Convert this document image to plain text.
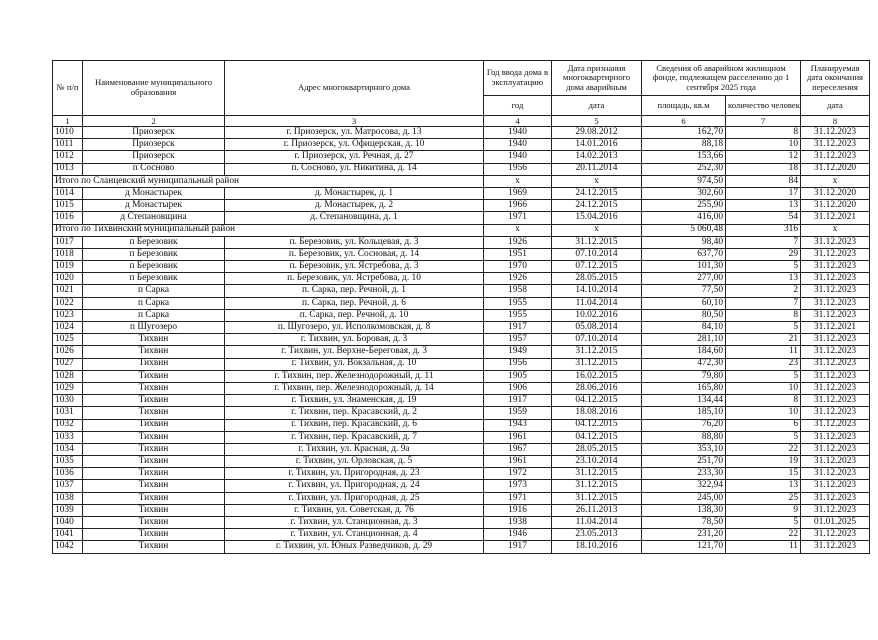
№ п/п	Наименование муниципального образования	Адрес многоквартирного дома	Год ввода дома в эксплуатацию	Дата признания многоквартирного дома аварийным	Сведения об аварийном жилищном фонде, подлежащем расселению до 1 сентября 2025 года		Планируемая дата окончания переселения
			год	дата	площадь, кв.м	количество человек	дата
1	2	3	4	5	6	7	8
1010	Приозерск	г. Приозерск, ул. Матросова, д. 13	1940	29.08.2012	162,70	8	31.12.2023
1011	Приозерск	г. Приозерск, ул. Офицерская, д. 10	1940	14.01.2016	88,18	10	31.12.2023
1012	Приозерск	г. Приозерск, ул. Речная, д. 27	1940	14.02.2013	153,66	12	31.12.2023
1013	п Сосново	п. Сосново, ул. Никитина, д. 14	1956	20.11.2014	252,30	18	31.12.2020
Итого по Сланцевский муниципальный район			x	x	974,50	84	x
1014	д Монастырек	д. Монастырек, д. 1	1969	24.12.2015	302,60	17	31.12.2020
1015	д Монастырек	д. Монастырек, д. 2	1966	24.12.2015	255,90	13	31.12.2020
1016	д Степановщина	д. Степановщина, д. 1	1971	15.04.2016	416,00	54	31.12.2021
Итого по Тихвинский муниципальный район			x	x	5 060,48	316	x
1017	п Березовик	п. Березовик, ул. Кольцевая, д. 3	1926	31.12.2015	98,40	7	31.12.2023
1018	п Березовик	п. Березовик, ул. Сосновая, д. 14	1951	07.10.2014	637,70	29	31.12.2023
1019	п Березовик	п. Березовик, ул. Ястребова, д. 3	1970	07.12.2015	101,30	5	31.12.2023
1020	п Березовик	п. Березовик, ул. Ястребова, д. 10	1926	28.05.2015	277,00	13	31.12.2023
1021	п Сарка	п. Сарка, пер. Речной, д. 1	1958	14.10.2014	77,50	2	31.12.2023
1022	п Сарка	п. Сарка, пер. Речной, д. 6	1955	11.04.2014	60,10	7	31.12.2023
1023	п Сарка	п. Сарка, пер. Речной, д. 10	1955	10.02.2016	80,50	8	31.12.2023
1024	п Шугозеро	п. Шугозеро, ул. Исполкомовская, д. 8	1917	05.08.2014	84,10	5	31.12.2021
1025	Тихвин	г. Тихвин, ул. Боровая, д. 3	1957	07.10.2014	281,10	21	31.12.2023
1026	Тихвин	г. Тихвин, ул. Верхне-Береговая, д. 3	1949	31.12.2015	184,60	11	31.12.2023
1027	Тихвин	г. Тихвин, ул. Вокзальная, д. 10	1956	31.12.2015	472,30	23	31.12.2023
1028	Тихвин	г. Тихвин, пер. Железнодорожный, д. 11	1905	16.02.2015	79,80	5	31.12.2023
1029	Тихвин	г. Тихвин, пер. Железнодорожный, д. 14	1906	28.06.2016	165,80	10	31.12.2023
1030	Тихвин	г. Тихвин, ул. Знаменская, д. 19	1917	04.12.2015	134,44	8	31.12.2023
1031	Тихвин	г. Тихвин, пер. Красавский, д. 2	1959	18.08.2016	185,10	10	31.12.2023
1032	Тихвин	г. Тихвин, пер. Красавский, д. 6	1943	04.12.2015	76,20	6	31.12.2023
1033	Тихвин	г. Тихвин, пер. Красавский, д. 7	1961	04.12.2015	88,80	5	31.12.2023
1034	Тихвин	г. Тихвин, ул. Красная, д. 9а	1967	28.05.2015	353,10	22	31.12.2023
1035	Тихвин	г. Тихвин, ул. Орловская, д. 5	1961	23.10.2014	251,70	19	31.12.2023
1036	Тихвин	г. Тихвин, ул. Пригородная, д. 23	1972	31.12.2015	233,30	15	31.12.2023
1037	Тихвин	г. Тихвин, ул. Пригородная, д. 24	1973	31.12.2015	322,94	13	31.12.2023
1038	Тихвин	г. Тихвин, ул. Пригородная, д. 25	1971	31.12.2015	245,00	25	31.12.2023
1039	Тихвин	г. Тихвин, ул. Советская, д. 76	1916	26.11.2013	138,30	9	31.12.2023
1040	Тихвин	г. Тихвин, ул. Станционная, д. 3	1938	11.04.2014	78,50	5	01.01.2025
1041	Тихвин	г. Тихвин, ул. Станционная, д. 4	1946	23.05.2013	231,20	22	31.12.2023
1042	Тихвин	г. Тихвин, ул. Юных Разведчиков, д. 29	1917	18.10.2016	121,70	11	31.12.2023
